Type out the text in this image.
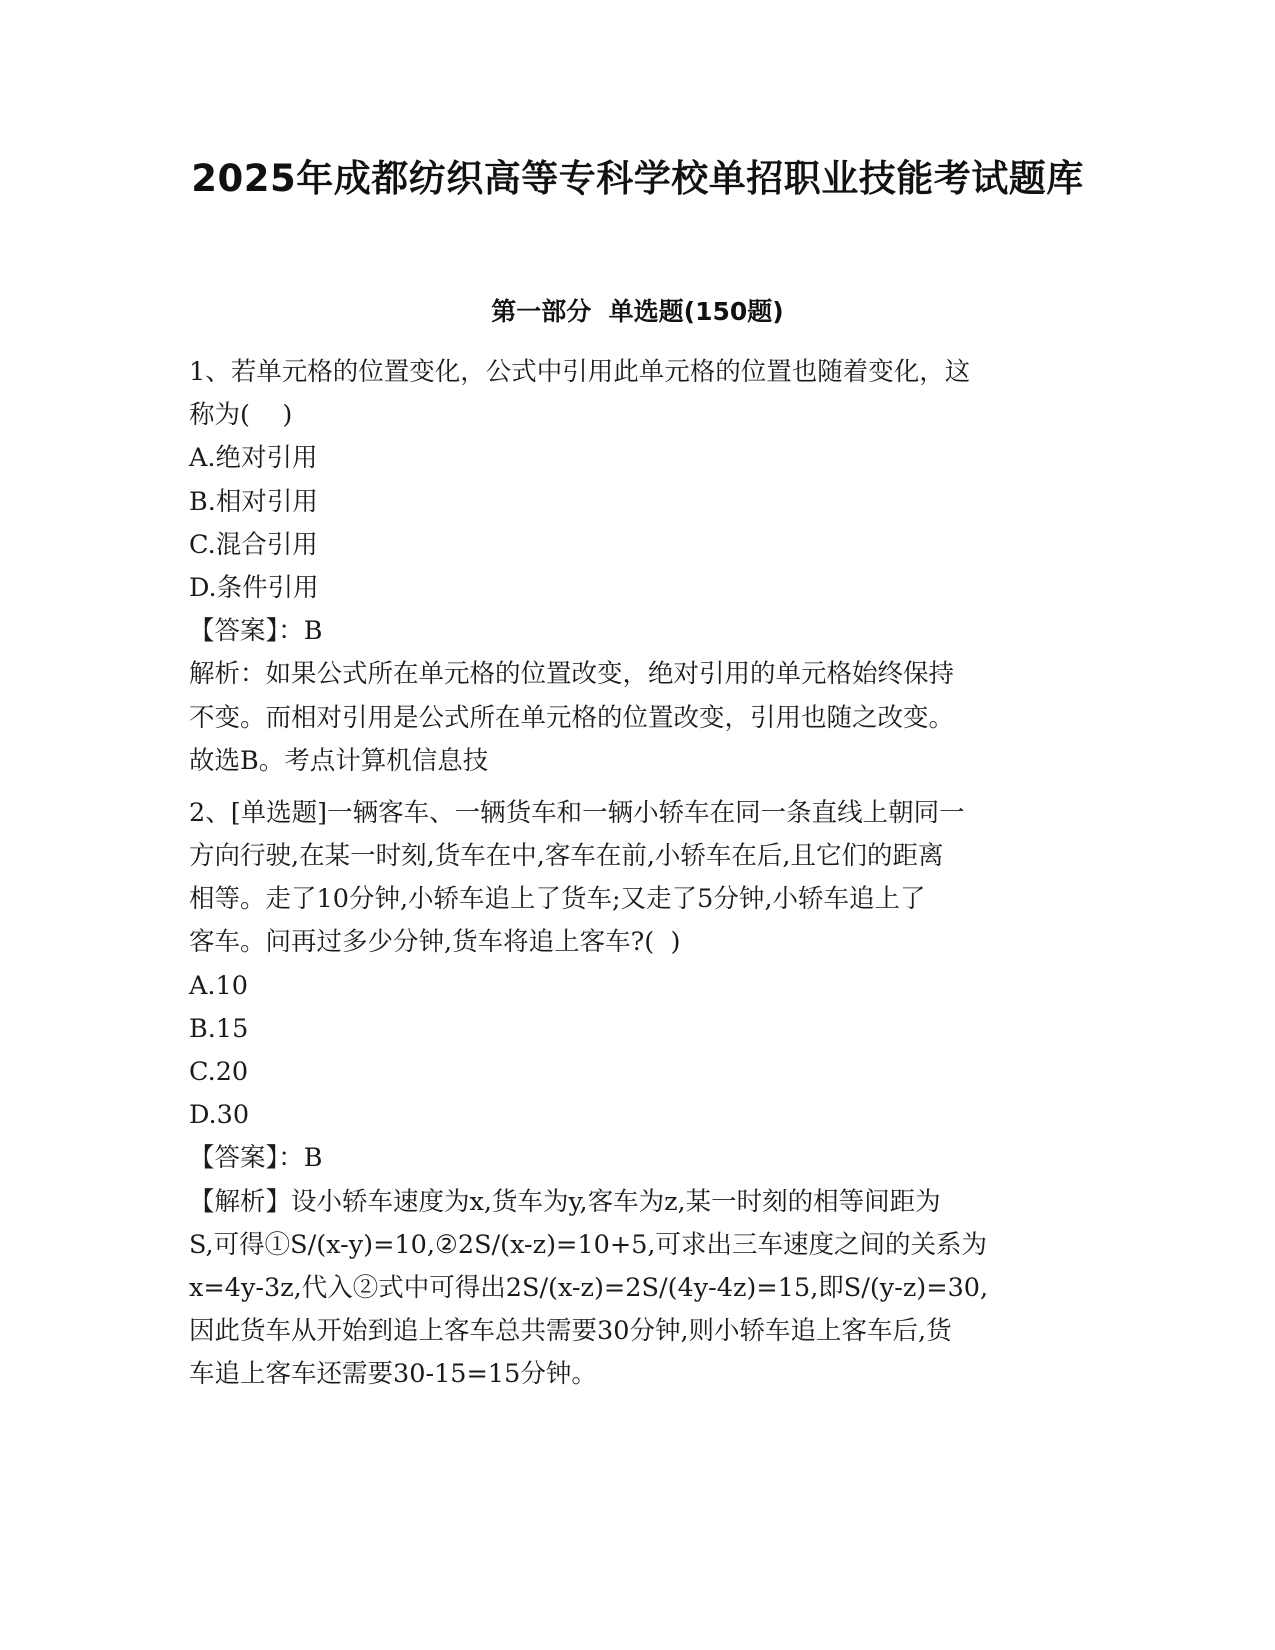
2025年成都纺织高等专科学校单招职业技能考试题库
第一部分  单选题(150题)
1、若单元格的位置变化，公式中引用此单元格的位置也随着变化，这
称为(    )
A.绝对引用
B.相对引用
C.混合引用
D.条件引用
【答案】：B
解析：如果公式所在单元格的位置改变，绝对引用的单元格始终保持
不变。而相对引用是公式所在单元格的位置改变，引用也随之改变。
故选B。考点计算机信息技
2、[单选题]一辆客车、一辆货车和一辆小轿车在同一条直线上朝同一
方向行驶,在某一时刻,货车在中,客车在前,小轿车在后,且它们的距离
相等。走了10分钟,小轿车追上了货车;又走了5分钟,小轿车追上了
客车。问再过多少分钟,货车将追上客车?(  )
A.10
B.15
C.20
D.30
【答案】：B
【解析】设小轿车速度为x,货车为y,客车为z,某一时刻的相等间距为
S,可得①S/(x-y)=10,②2S/(x-z)=10+5,可求出三车速度之间的关系为
x=4y-3z,代入②式中可得出2S/(x-z)=2S/(4y-4z)=15,即S/(y-z)=30,
因此货车从开始到追上客车总共需要30分钟,则小轿车追上客车后,货
车追上客车还需要30-15=15分钟。
